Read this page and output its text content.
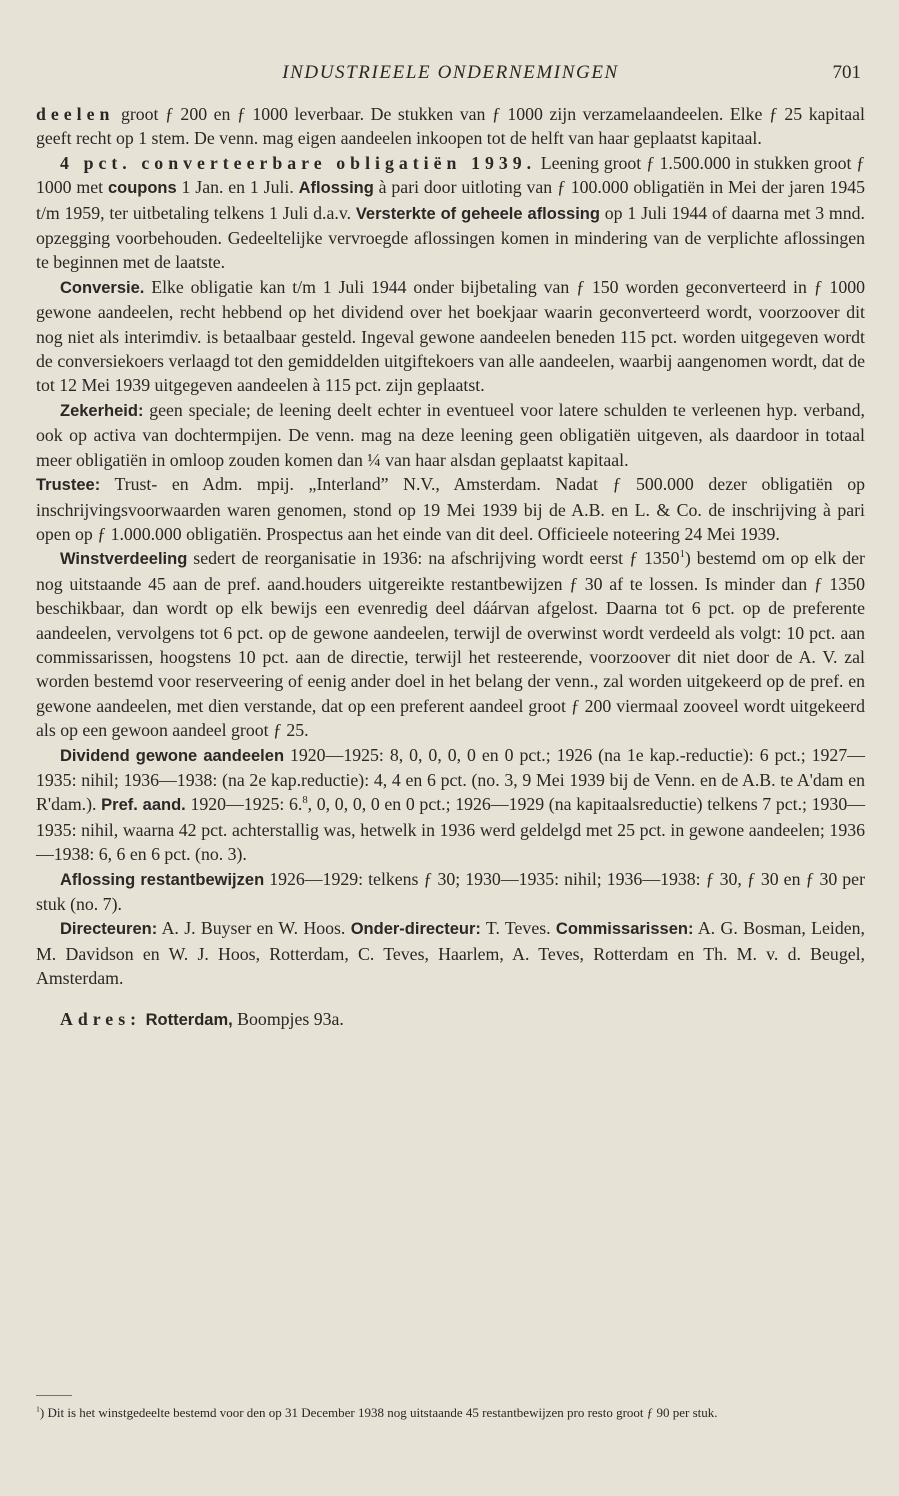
INDUSTRIEELE ONDERNEMINGEN	701

deelen groot ƒ 200 en ƒ 1000 leverbaar. De stukken van ƒ 1000 zijn verzamelaandeelen. Elke ƒ 25 kapitaal geeft recht op 1 stem. De venn. mag eigen aandeelen inkoopen tot de helft van haar geplaatst kapitaal.

4 pct. converteerbare obligatiën 1939. Leening groot ƒ 1.500.000 in stukken groot ƒ 1000 met coupons 1 Jan. en 1 Juli. Aflossing à pari door uitloting van ƒ 100.000 obligatiën in Mei der jaren 1945 t/m 1959, ter uitbetaling telkens 1 Juli d.a.v. Versterkte of geheele aflossing op 1 Juli 1944 of daarna met 3 mnd. opzegging voorbehouden. Gedeeltelijke vervroegde aflossingen komen in mindering van de verplichte aflossingen te beginnen met de laatste.

Conversie. Elke obligatie kan t/m 1 Juli 1944 onder bijbetaling van ƒ 150 worden geconverteerd in ƒ 1000 gewone aandeelen, recht hebbend op het dividend over het boekjaar waarin geconverteerd wordt, voorzoover dit nog niet als interimdiv. is betaalbaar gesteld. Ingeval gewone aandeelen beneden 115 pct. worden uitgegeven wordt de conversiekoers verlaagd tot den gemiddelden uitgiftekoers van alle aandeelen, waarbij aangenomen wordt, dat de tot 12 Mei 1939 uitgegeven aandeelen à 115 pct. zijn geplaatst.

Zekerheid: geen speciale; de leening deelt echter in eventueel voor latere schulden te verleenen hyp. verband, ook op activa van dochtermpijen. De venn. mag na deze leening geen obligatiën uitgeven, als daardoor in totaal meer obligatiën in omloop zouden komen dan ¼ van haar alsdan geplaatst kapitaal.

Trustee: Trust- en Adm. mpij. „Interland” N.V., Amsterdam. Nadat ƒ 500.000 dezer obligatiën op inschrijvingsvoorwaarden waren genomen, stond op 19 Mei 1939 bij de A.B. en L. & Co. de inschrijving à pari open op ƒ 1.000.000 obligatiën. Prospectus aan het einde van dit deel. Officieele noteering 24 Mei 1939.

Winstverdeeling sedert de reorganisatie in 1936: na afschrijving wordt eerst ƒ 1350$^1$) bestemd om op elk der nog uitstaande 45 aan de pref. aand.houders uitgereikte restantbewijzen ƒ 30 af te lossen. Is minder dan ƒ 1350 beschikbaar, dan wordt op elk bewijs een evenredig deel dáárvan afgelost. Daarna tot 6 pct. op de preferente aandeelen, vervolgens tot 6 pct. op de gewone aandeelen, terwijl de overwinst wordt verdeeld als volgt: 10 pct. aan commissarissen, hoogstens 10 pct. aan de directie, terwijl het resteerende, voorzoover dit niet door de A. V. zal worden bestemd voor reserveering of eenig ander doel in het belang der venn., zal worden uitgekeerd op de pref. en gewone aandeelen, met dien verstande, dat op een preferent aandeel groot ƒ 200 viermaal zooveel wordt uitgekeerd als op een gewoon aandeel groot ƒ 25.

Dividend gewone aandeelen 1920—1925: 8, 0, 0, 0, 0 en 0 pct.; 1926 (na 1e kap.-reductie): 6 pct.; 1927—1935: nihil; 1936—1938: (na 2e kap.reductie): 4, 4 en 6 pct. (no. 3, 9 Mei 1939 bij de Venn. en de A.B. te A'dam en R'dam.). Pref. aand. 1920—1925: 6.$^8$, 0, 0, 0, 0 en 0 pct.; 1926—1929 (na kapitaalsreductie) telkens 7 pct.; 1930—1935: nihil, waarna 42 pct. achterstallig was, hetwelk in 1936 werd geldelgd met 25 pct. in gewone aandeelen; 1936—1938: 6, 6 en 6 pct. (no. 3).

Aflossing restantbewijzen 1926—1929: telkens ƒ 30; 1930—1935: nihil; 1936—1938: ƒ 30, ƒ 30 en ƒ 30 per stuk (no. 7).

Directeuren: A. J. Buyser en W. Hoos. Onder-directeur: T. Teves. Commissarissen: A. G. Bosman, Leiden, M. Davidson en W. J. Hoos, Rotterdam, C. Teves, Haarlem, A. Teves, Rotterdam en Th. M. v. d. Beugel, Amsterdam.

Adres: Rotterdam, Boompjes 93a.

$^1$) Dit is het winstgedeelte bestemd voor den op 31 December 1938 nog uitstaande 45 restantbewijzen pro resto groot ƒ 90 per stuk.
